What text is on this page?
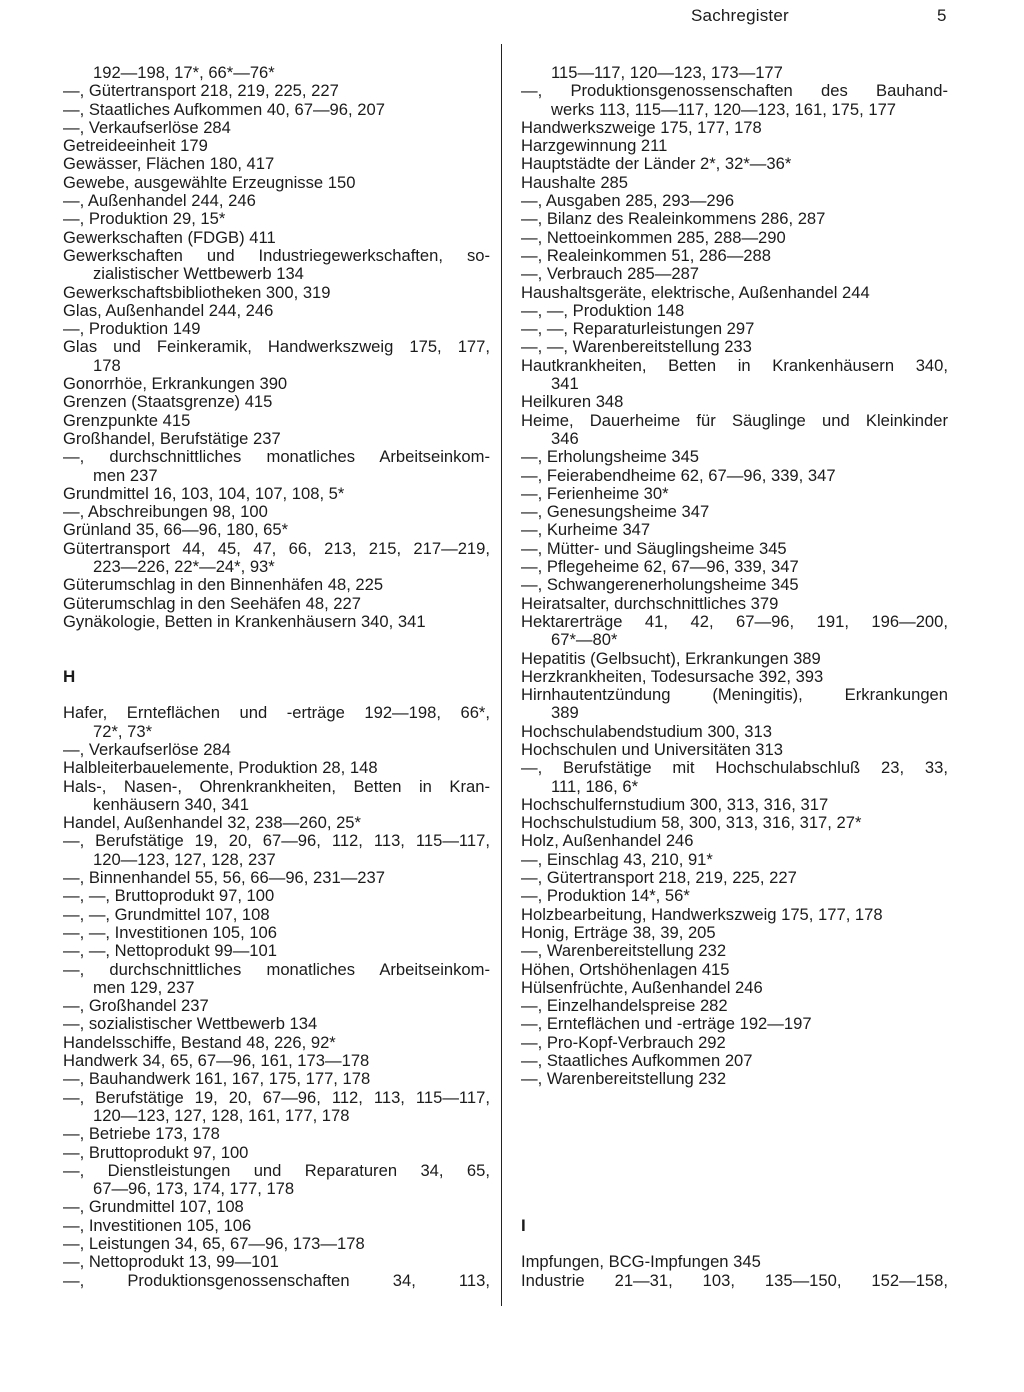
Sachregister	5
192—198, 17*, 66*—76*
—, Gütertransport 218, 219, 225, 227
—, Staatliches Aufkommen 40, 67—96, 207
—, Verkaufserlöse 284
Getreideeinheit 179
Gewässer, Flächen 180, 417
Gewebe, ausgewählte Erzeugnisse 150
—, Außenhandel 244, 246
—, Produktion 29, 15*
Gewerkschaften (FDGB) 411
Gewerkschaften und Industriegewerkschaften, so-
zialistischer Wettbewerb 134
Gewerkschaftsbibliotheken 300, 319
Glas, Außenhandel 244, 246
—, Produktion 149
Glas und Feinkeramik, Handwerkszweig 175, 177,
178
Gonorrhöe, Erkrankungen 390
Grenzen (Staatsgrenze) 415
Grenzpunkte 415
Großhandel, Berufstätige 237
—, durchschnittliches monatliches Arbeitseinkom-
men 237
Grundmittel 16, 103, 104, 107, 108, 5*
—, Abschreibungen 98, 100
Grünland 35, 66—96, 180, 65*
Gütertransport 44, 45, 47, 66, 213, 215, 217—219,
223—226, 22*—24*, 93*
Güterumschlag in den Binnenhäfen 48, 225
Güterumschlag in den Seehäfen 48, 227
Gynäkologie, Betten in Krankenhäusern 340, 341
H
Hafer, Ernteflächen und -erträge 192—198, 66*,
72*, 73*
—, Verkaufserlöse 284
Halbleiterbauelemente, Produktion 28, 148
Hals-, Nasen-, Ohrenkrankheiten, Betten in Kran-
kenhäusern 340, 341
Handel, Außenhandel 32, 238—260, 25*
—, Berufstätige 19, 20, 67—96, 112, 113, 115—117,
120—123, 127, 128, 237
—, Binnenhandel 55, 56, 66—96, 231—237
—, —, Bruttoprodukt 97, 100
—, —, Grundmittel 107, 108
—, —, Investitionen 105, 106
—, —, Nettoprodukt 99—101
—, durchschnittliches monatliches Arbeitseinkom-
men 129, 237
—, Großhandel 237
—, sozialistischer Wettbewerb 134
Handelsschiffe, Bestand 48, 226, 92*
Handwerk 34, 65, 67—96, 161, 173—178
—, Bauhandwerk 161, 167, 175, 177, 178
—, Berufstätige 19, 20, 67—96, 112, 113, 115—117,
120—123, 127, 128, 161, 177, 178
—, Betriebe 173, 178
—, Bruttoprodukt 97, 100
—, Dienstleistungen und Reparaturen 34, 65,
67—96, 173, 174, 177, 178
—, Grundmittel 107, 108
—, Investitionen 105, 106
—, Leistungen 34, 65, 67—96, 173—178
—, Nettoprodukt 13, 99—101
—, Produktionsgenossenschaften 34, 113,
115—117, 120—123, 173—177
—, Produktionsgenossenschaften des Bauhand-
werks 113, 115—117, 120—123, 161, 175, 177
Handwerkszweige 175, 177, 178
Harzgewinnung 211
Hauptstädte der Länder 2*, 32*—36*
Haushalte 285
—, Ausgaben 285, 293—296
—, Bilanz des Realeinkommens 286, 287
—, Nettoeinkommen 285, 288—290
—, Realeinkommen 51, 286—288
—, Verbrauch 285—287
Haushaltsgeräte, elektrische, Außenhandel 244
—, —, Produktion 148
—, —, Reparaturleistungen 297
—, —, Warenbereitstellung 233
Hautkrankheiten, Betten in Krankenhäusern 340,
341
Heilkuren 348
Heime, Dauerheime für Säuglinge und Kleinkinder
346
—, Erholungsheime 345
—, Feierabendheime 62, 67—96, 339, 347
—, Ferienheime 30*
—, Genesungsheime 347
—, Kurheime 347
—, Mütter- und Säuglingsheime 345
—, Pflegeheime 62, 67—96, 339, 347
—, Schwangerenerholungsheime 345
Heiratsalter, durchschnittliches 379
Hektarerträge 41, 42, 67—96, 191, 196—200,
67*—80*
Hepatitis (Gelbsucht), Erkrankungen 389
Herzkrankheiten, Todesursache 392, 393
Hirnhautentzündung (Meningitis), Erkrankungen
389
Hochschulabendstudium 300, 313
Hochschulen und Universitäten 313
—, Berufstätige mit Hochschulabschluß 23, 33,
111, 186, 6*
Hochschulfernstudium 300, 313, 316, 317
Hochschulstudium 58, 300, 313, 316, 317, 27*
Holz, Außenhandel 246
—, Einschlag 43, 210, 91*
—, Gütertransport 218, 219, 225, 227
—, Produktion 14*, 56*
Holzbearbeitung, Handwerkszweig 175, 177, 178
Honig, Erträge 38, 39, 205
—, Warenbereitstellung 232
Höhen, Ortshöhenlagen 415
Hülsenfrüchte, Außenhandel 246
—, Einzelhandelspreise 282
—, Ernteflächen und -erträge 192—197
—, Pro-Kopf-Verbrauch 292
—, Staatliches Aufkommen 207
—, Warenbereitstellung 232
I
Impfungen, BCG-Impfungen 345
Industrie 21—31, 103, 135—150, 152—158,
